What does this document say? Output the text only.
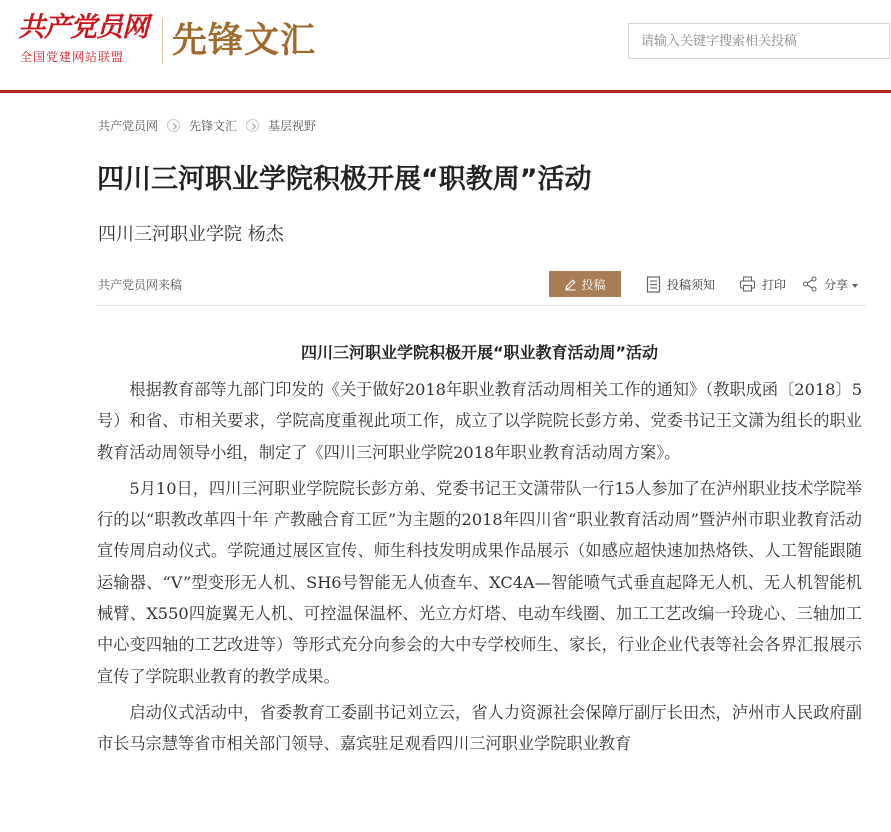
共产党员网
全国党建网站联盟 先锋文汇
请输入关键字搜索相关投稿
共产党员网	先锋文汇	基层视野
四川三河职业学院积极开展“职教周”活动
四川三河职业学院 杨杰
共产党员网来稿	投稿	投稿须知	打印	分享
四川三河职业学院积极开展“职业教育活动周”活动

根据教育部等九部门印发的《关于做好2018年职业教育活动周相关工作的通知》（教职成函〔2018〕5号）和省、市相关要求，学院高度重视此项工作，成立了以学院院长彭方弟、党委书记王文潇为组长的职业教育活动周领导小组，制定了《四川三河职业学院2018年职业教育活动周方案》。

5月10日，四川三河职业学院院长彭方弟、党委书记王文潇带队一行15人参加了在泸州职业技术学院举行的以“职教改革四十年 产教融合育工匠”为主题的2018年四川省“职业教育活动周”暨泸州市职业教育活动宣传周启动仪式。学院通过展区宣传、师生科技发明成果作品展示（如感应超快速加热烙铁、人工智能跟随运输器、“V”型变形无人机、SH6号智能无人侦查车、XC4A—智能喷气式垂直起降无人机、无人机智能机械臂、X550四旋翼无人机、可控温保温杯、光立方灯塔、电动车线圈、加工工艺改编一玲珑心、三轴加工中心变四轴的工艺改进等）等形式充分向参会的大中专学校师生、家长，行业企业代表等社会各界汇报展示宣传了学院职业教育的教学成果。

启动仪式活动中，省委教育工委副书记刘立云，省人力资源社会保障厅副厅长田杰，泸州市人民政府副市长马宗慧等省市相关部门领导、嘉宾驻足观看四川三河职业学院职业教育
